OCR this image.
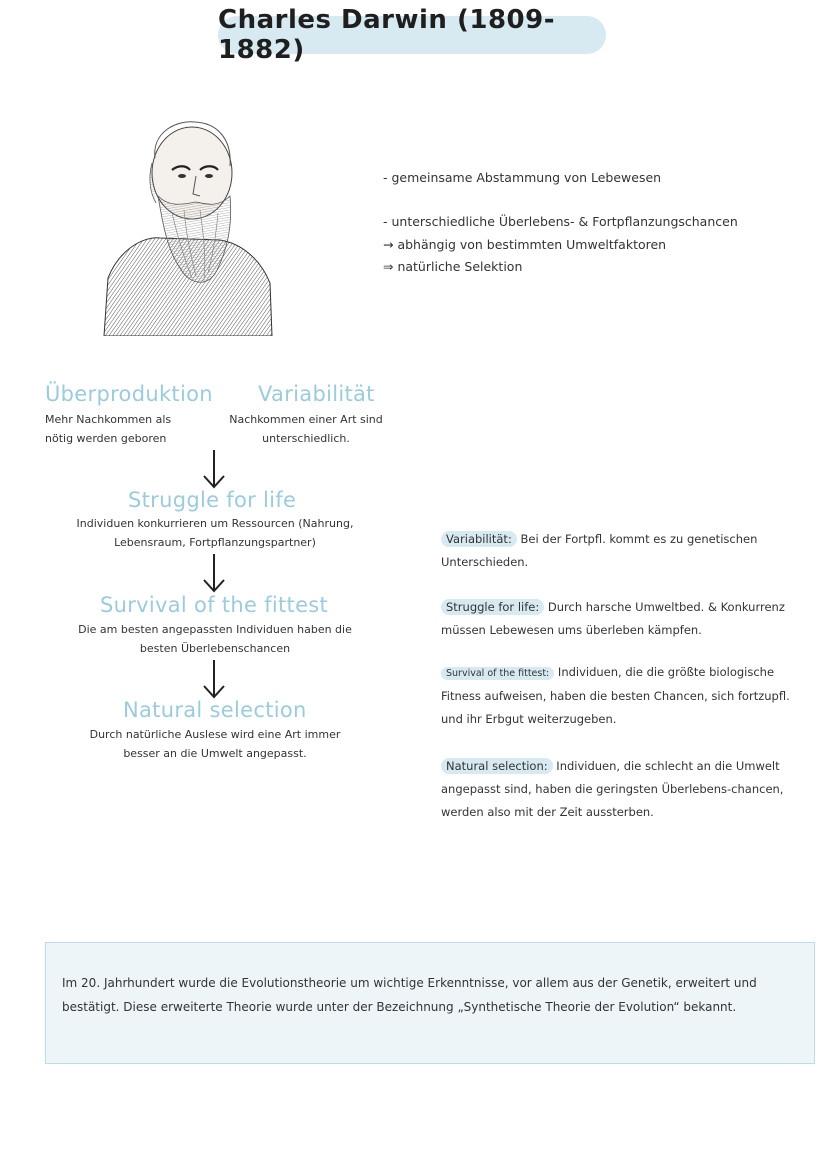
Charles Darwin (1809-1882)
- gemeinsame Abstammung von Lebewesen
- unterschiedliche Überlebens- & Fortpflanzungschancen
→ abhängig von bestimmten Umweltfaktoren
⇒ natürliche Selektion
Überproduktion
Mehr Nachkommen als
nötig werden geboren
Variabilität
Nachkommen einer Art sind
unterschiedlich.
Struggle for life
Individuen konkurrieren um Ressourcen (Nahrung,
Lebensraum, Fortpflanzungspartner)
Survival of the fittest
Die am besten angepassten Individuen haben die
besten Überlebenschancen
Natural selection
Durch natürliche Auslese wird eine Art immer
besser an die Umwelt angepasst.
Variabilität: Bei der Fortpfl. kommt es zu genetischen Unterschieden.
Struggle for life: Durch harsche Umweltbed. & Konkurrenz müssen Lebewesen ums überleben kämpfen.
Survival of the fittest: Individuen, die die größte biologische Fitness aufweisen, haben die besten Chancen, sich fortzupfl. und ihr Erbgut weiterzugeben.
Natural selection: Individuen, die schlecht an die Umwelt angepasst sind, haben die geringsten Überlebens-chancen, werden also mit der Zeit aussterben.
Im 20. Jahrhundert wurde die Evolutionstheorie um wichtige Erkenntnisse, vor allem aus der Genetik, erweitert und bestätigt. Diese erweiterte Theorie wurde unter der Bezeichnung „Synthetische Theorie der Evolution“ bekannt.
